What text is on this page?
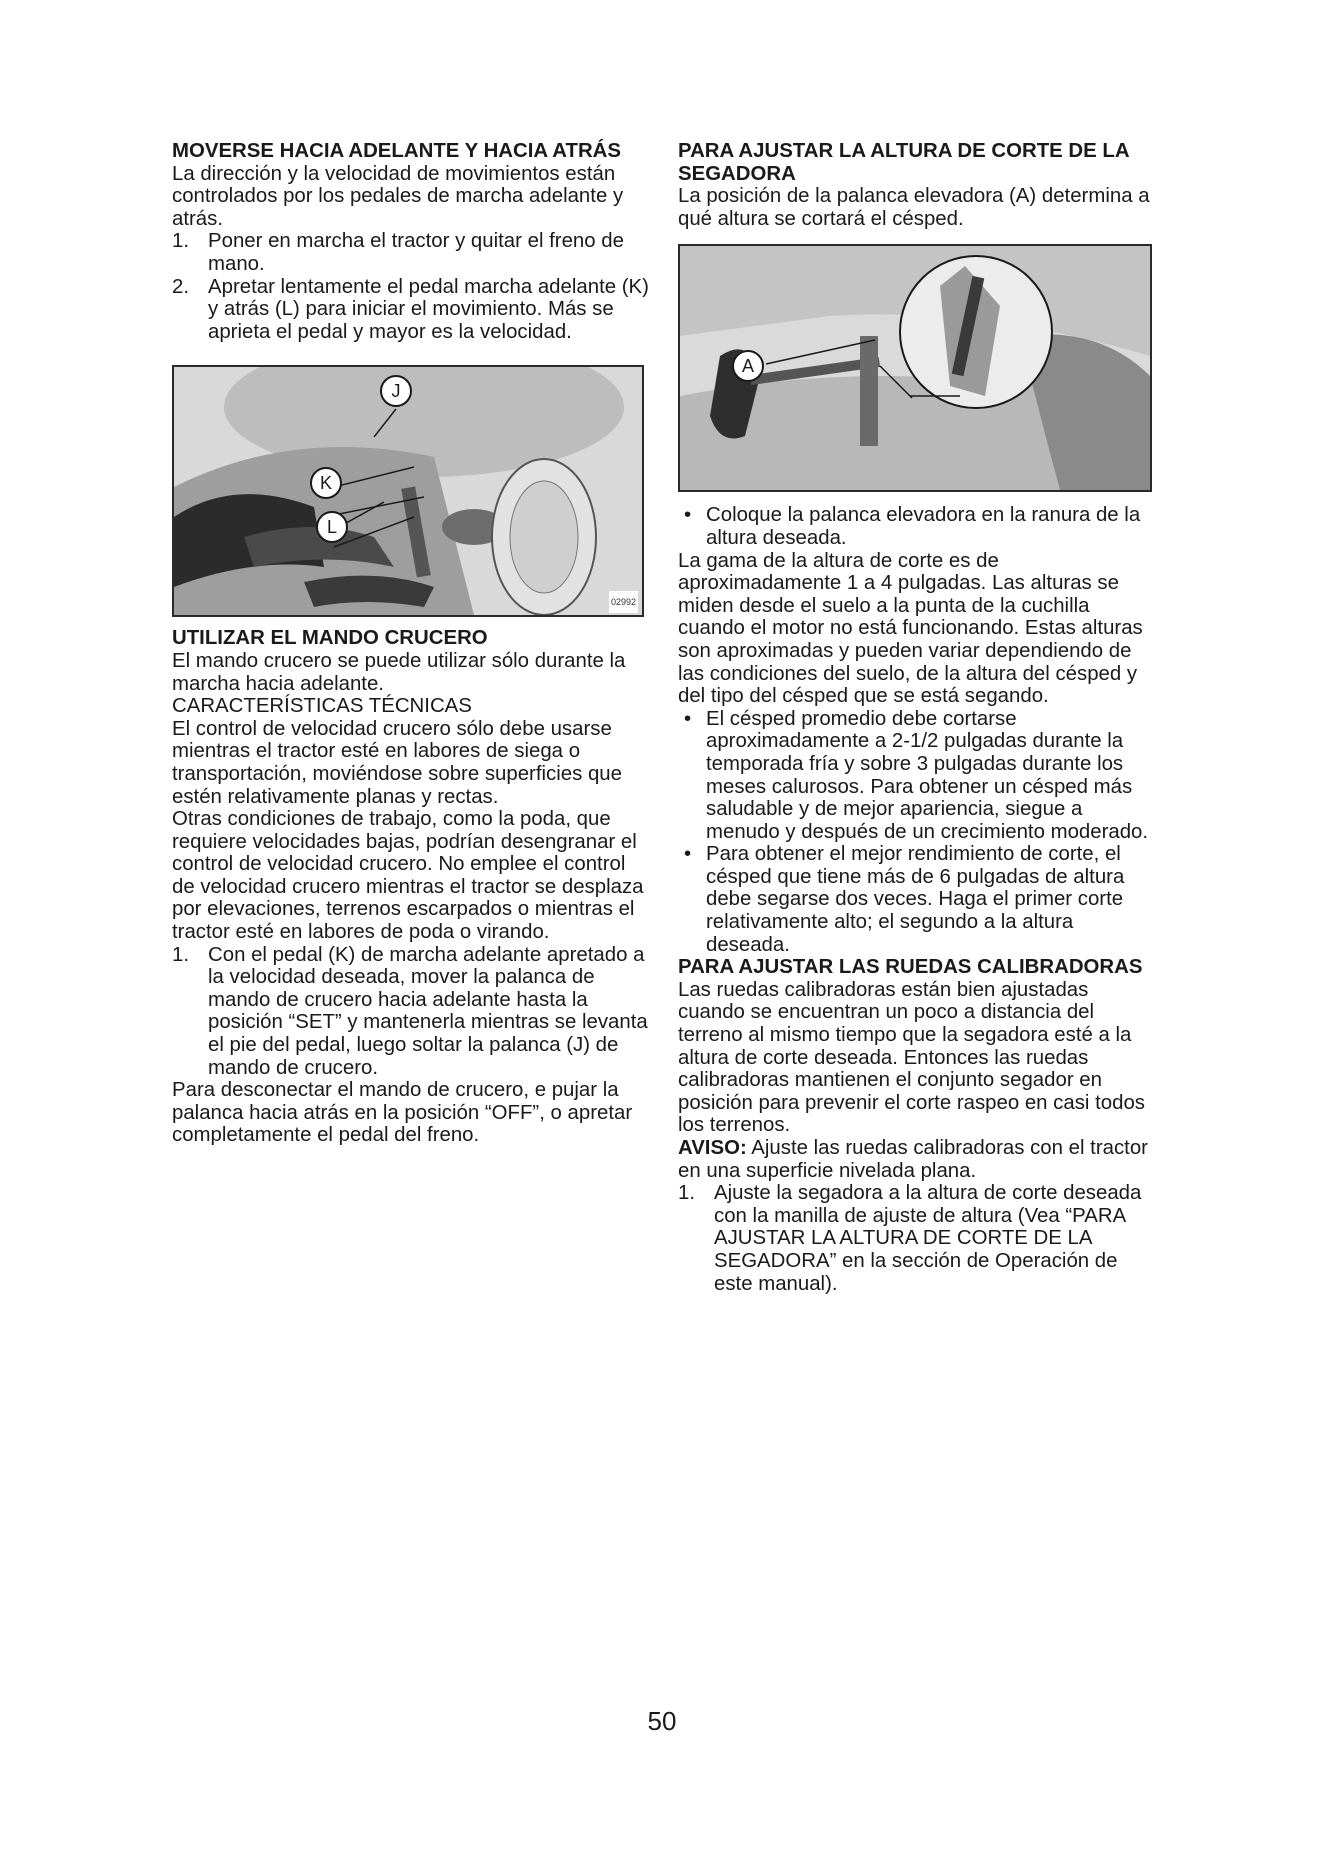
MOVERSE HACIA ADELANTE Y HACIA ATRÁS

La dirección y la velocidad de movimientos están controlados por los pedales de marcha adelante y atrás.

1. Poner en marcha el tractor y quitar el freno de mano.
2. Apretar lentamente el pedal marcha adelante (K) y atrás (L) para iniciar el movimiento. Más se aprieta el pedal y mayor es la velocidad.
J
K
L
02992
UTILIZAR EL MANDO CRUCERO

El mando crucero se puede utilizar sólo durante la marcha hacia adelante.

CARACTERÍSTICAS TÉCNICAS

El control de velocidad crucero sólo debe usarse mientras el tractor esté en labores de siega o transportación, moviéndose sobre superficies que estén relativamente planas y rectas.

Otras condiciones de trabajo, como la poda, que requiere velocidades bajas, podrían desengranar el control de velocidad crucero. No emplee el control de velocidad crucero mientras el tractor se desplaza por elevaciones, terrenos escarpados o mientras el tractor esté en labores de poda o virando.

1. Con el pedal (K) de marcha adelante apretado a la velocidad deseada, mover la palanca de mando de crucero hacia adelante hasta la posición “SET” y mantenerla mientras se levanta el pie del pedal, luego soltar la palanca (J) de mando de crucero.

Para desconectar el mando de crucero, e pujar la palanca hacia atrás en la posición “OFF”, o apretar completamente el pedal del freno.

PARA AJUSTAR LA ALTURA DE CORTE DE LA SEGADORA

La posición de la palanca elevadora (A) determina a qué altura se cortará el césped.

A
• Coloque la palanca elevadora en la ranura de la altura deseada.

La gama de la altura de corte es de aproximadamente 1 a 4 pulgadas. Las alturas se miden desde el suelo a la punta de la cuchilla cuando el motor no está funcionando. Estas alturas son aproximadas y pueden variar dependiendo de las condiciones del suelo, de la altura del césped y del tipo del césped que se está segando.

• El césped promedio debe cortarse aproximadamente a 2-1/2 pulgadas durante la temporada fría y sobre 3 pulgadas durante los meses calurosos. Para obtener un césped más saludable y de mejor apariencia, siegue a menudo y después de un crecimiento moderado.
• Para obtener el mejor rendimiento de corte, el césped que tiene más de 6 pulgadas de altura debe segarse dos veces. Haga el primer corte relativamente alto; el segundo a la altura deseada.
PARA AJUSTAR LAS RUEDAS CALIBRADORAS

Las ruedas calibradoras están bien ajustadas cuando se encuentran un poco a distancia del terreno al mismo tiempo que la segadora esté a la altura de corte deseada. Entonces las ruedas calibradoras mantienen el conjunto segador en posición para prevenir el corte raspeo en casi todos los terrenos.

AVISO: Ajuste las ruedas calibradoras con el tractor en una superficie nivelada plana.

1. Ajuste la segadora a la altura de corte deseada con la manilla de ajuste de altura (Vea “PARA AJUSTAR LA ALTURA DE CORTE DE LA SEGADORA” en la sección de Operación de este manual).
50
